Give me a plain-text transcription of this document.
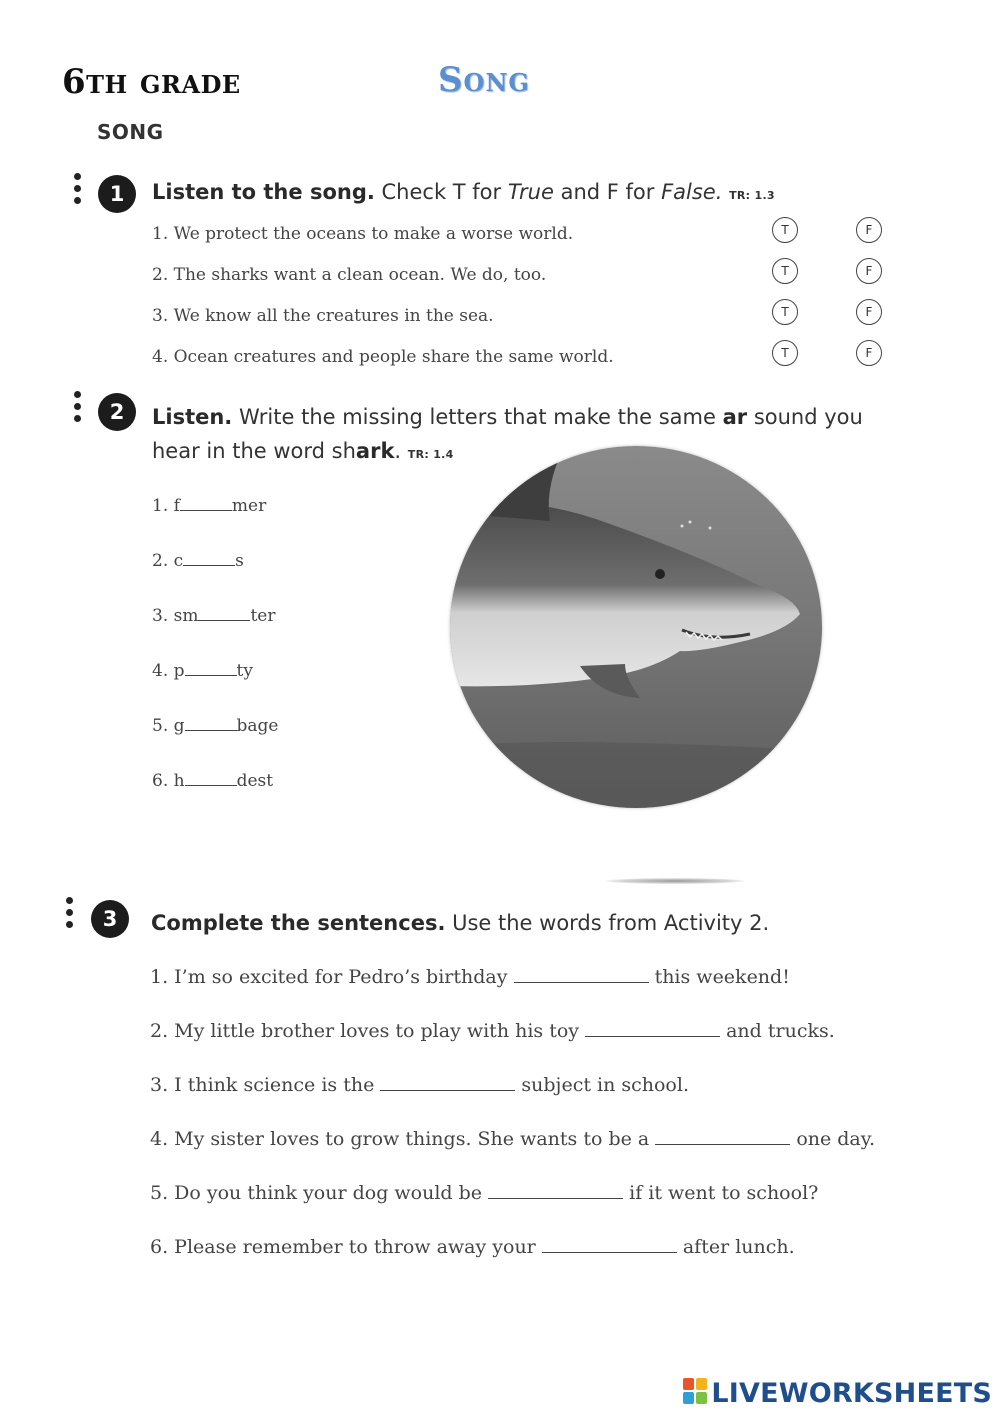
6th grade	Song
SONG
1	Listen to the song. Check T for True and F for False. TR: 1.3
1. We protect the oceans to make a worse world.	T	F
2. The sharks want a clean ocean. We do, too.	T	F
3. We know all the creatures in the sea.	T	F
4. Ocean creatures and people share the same world.	T	F
2	Listen. Write the missing letters that make the same ar sound you
hear in the word shark. TR: 1.4
1. f	mer
2. c	s
3. sm	ter
4. p	ty
5. g	bage
6. h	dest
3	Complete the sentences. Use the words from Activity 2.
1. I’m so excited for Pedro’s birthday	this weekend!
2. My little brother loves to play with his toy	and trucks.
3. I think science is the	subject in school.
4. My sister loves to grow things. She wants to be a	one day.
5. Do you think your dog would be	if it went to school?
6. Please remember to throw away your	after lunch.
LIVEWORKSHEETS
